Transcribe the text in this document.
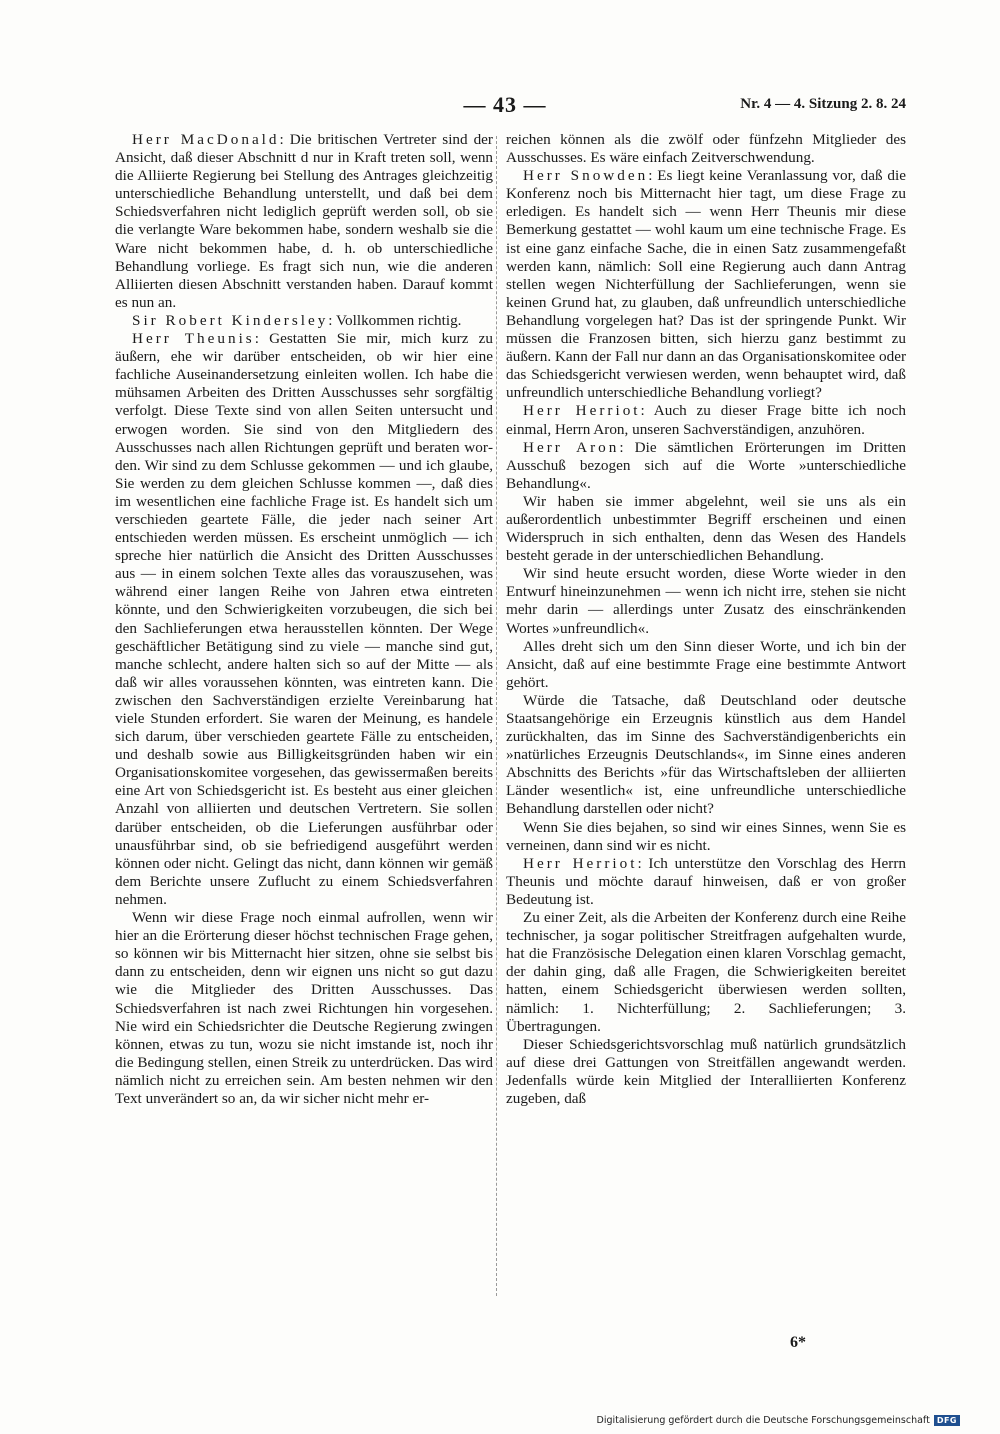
— 43 —	Nr. 4 — 4. Sitzung 2. 8. 24

Herr MacDonald: Die britischen Vertreter sind der Ansicht, daß dieser Abschnitt d nur in Kraft treten soll, wenn die Alliierte Regierung bei Stellung des Antrages gleichzeitig unterschiedliche Behandlung unterstellt, und daß bei dem Schiedsverfahren nicht lediglich geprüft werden soll, ob sie die verlangte Ware bekommen habe, sondern weshalb sie die Ware nicht bekommen habe, d. h. ob unterschiedliche Behandlung vorliege. Es fragt sich nun, wie die anderen Alliierten diesen Abschnitt verstanden haben. Darauf kommt es nun an.

Sir Robert Kindersley: Vollkommen richtig.

Herr Theunis: Gestatten Sie mir, mich kurz zu äußern, ehe wir darüber entscheiden, ob wir hier eine fachliche Auseinandersetzung einleiten wollen. Ich habe die mühsamen Arbeiten des Dritten Ausschusses sehr sorgfältig verfolgt. Diese Texte sind von allen Seiten untersucht und erwogen worden. Sie sind von den Mitgliedern des Ausschusses nach allen Richtungen geprüft und beraten worden. Wir sind zu dem Schlusse gekommen — und ich glaube, Sie werden zu dem gleichen Schlusse kommen —, daß dies im wesentlichen eine fachliche Frage ist. Es handelt sich um verschieden geartete Fälle, die jeder nach seiner Art entschieden werden müssen. Es erscheint unmöglich — ich spreche hier natürlich die Ansicht des Dritten Ausschusses aus — in einem solchen Texte alles das vorauszusehen, was während einer langen Reihe von Jahren etwa eintreten könnte, und den Schwierigkeiten vorzubeugen, die sich bei den Sachlieferungen etwa herausstellen könnten. Der Wege geschäftlicher Betätigung sind zu viele — manche sind gut, manche schlecht, andere halten sich so auf der Mitte — als daß wir alles voraussehen könnten, was eintreten kann. Die zwischen den Sachverständigen erzielte Vereinbarung hat viele Stunden erfordert. Sie waren der Meinung, es handele sich darum, über verschieden geartete Fälle zu entscheiden, und deshalb sowie aus Billigkeitsgründen haben wir ein Organisationskomitee vorgesehen, das gewissermaßen bereits eine Art von Schiedsgericht ist. Es besteht aus einer gleichen Anzahl von alliierten und deutschen Vertretern. Sie sollen darüber entscheiden, ob die Lieferungen ausführbar oder unausführbar sind, ob sie befriedigend ausgeführt werden können oder nicht. Gelingt das nicht, dann können wir gemäß dem Berichte unsere Zuflucht zu einem Schiedsverfahren nehmen.

Wenn wir diese Frage noch einmal aufrollen, wenn wir hier an die Erörterung dieser höchst technischen Frage gehen, so können wir bis Mitternacht hier sitzen, ohne sie selbst bis dann zu entscheiden, denn wir eignen uns nicht so gut dazu wie die Mitglieder des Dritten Ausschusses. Das Schiedsverfahren ist nach zwei Richtungen hin vorgesehen. Nie wird ein Schiedsrichter die Deutsche Regierung zwingen können, etwas zu tun, wozu sie nicht imstande ist, noch ihr die Bedingung stellen, einen Streik zu unterdrücken. Das wird nämlich nicht zu erreichen sein. Am besten nehmen wir den Text unverändert so an, da wir sicher nicht mehr er-

reichen können als die zwölf oder fünfzehn Mitglieder des Ausschusses. Es wäre einfach Zeitverschwendung.

Herr Snowden: Es liegt keine Veranlassung vor, daß die Konferenz noch bis Mitternacht hier tagt, um diese Frage zu erledigen. Es handelt sich — wenn Herr Theunis mir diese Bemerkung gestattet — wohl kaum um eine technische Frage. Es ist eine ganz einfache Sache, die in einen Satz zusammengefaßt werden kann, nämlich: Soll eine Regierung auch dann Antrag stellen wegen Nichterfüllung der Sachlieferungen, wenn sie keinen Grund hat, zu glauben, daß unfreundlich unterschiedliche Behandlung vorgelegen hat? Das ist der springende Punkt. Wir müssen die Franzosen bitten, sich hierzu ganz bestimmt zu äußern. Kann der Fall nur dann an das Organisationskomitee oder das Schiedsgericht verwiesen werden, wenn behauptet wird, daß unfreundlich unterschiedliche Behandlung vorliegt?

Herr Herriot: Auch zu dieser Frage bitte ich noch einmal, Herrn Aron, unseren Sachverständigen, anzuhören.

Herr Aron: Die sämtlichen Erörterungen im Dritten Ausschuß bezogen sich auf die Worte »unterschiedliche Behandlung«.

Wir haben sie immer abgelehnt, weil sie uns als ein außerordentlich unbestimmter Begriff erscheinen und einen Widerspruch in sich enthalten, denn das Wesen des Handels besteht gerade in der unterschiedlichen Behandlung.

Wir sind heute ersucht worden, diese Worte wieder in den Entwurf hineinzunehmen — wenn ich nicht irre, stehen sie nicht mehr darin — allerdings unter Zusatz des einschränkenden Wortes »unfreundlich«.

Alles dreht sich um den Sinn dieser Worte, und ich bin der Ansicht, daß auf eine bestimmte Frage eine bestimmte Antwort gehört.

Würde die Tatsache, daß Deutschland oder deutsche Staatsangehörige ein Erzeugnis künstlich aus dem Handel zurückhalten, das im Sinne des Sachverständigenberichts ein »natürliches Erzeugnis Deutschlands«, im Sinne eines anderen Abschnitts des Berichts »für das Wirtschaftsleben der alliierten Länder wesentlich« ist, eine unfreundliche unterschiedliche Behandlung darstellen oder nicht?

Wenn Sie dies bejahen, so sind wir eines Sinnes, wenn Sie es verneinen, dann sind wir es nicht.

Herr Herriot: Ich unterstütze den Vorschlag des Herrn Theunis und möchte darauf hinweisen, daß er von großer Bedeutung ist.

Zu einer Zeit, als die Arbeiten der Konferenz durch eine Reihe technischer, ja sogar politischer Streitfragen aufgehalten wurde, hat die Französische Delegation einen klaren Vorschlag gemacht, der dahin ging, daß alle Fragen, die Schwierigkeiten bereitet hatten, einem Schiedsgericht überwiesen werden sollten, nämlich: 1. Nichterfüllung; 2. Sachlieferungen; 3. Übertragungen.

Dieser Schiedsgerichtsvorschlag muß natürlich grundsätzlich auf diese drei Gattungen von Streitfällen angewandt werden. Jedenfalls würde kein Mitglied der Interalliierten Konferenz zugeben, daß

6*
Digitalisierung gefördert durch die Deutsche Forschungsgemeinschaft DFG
